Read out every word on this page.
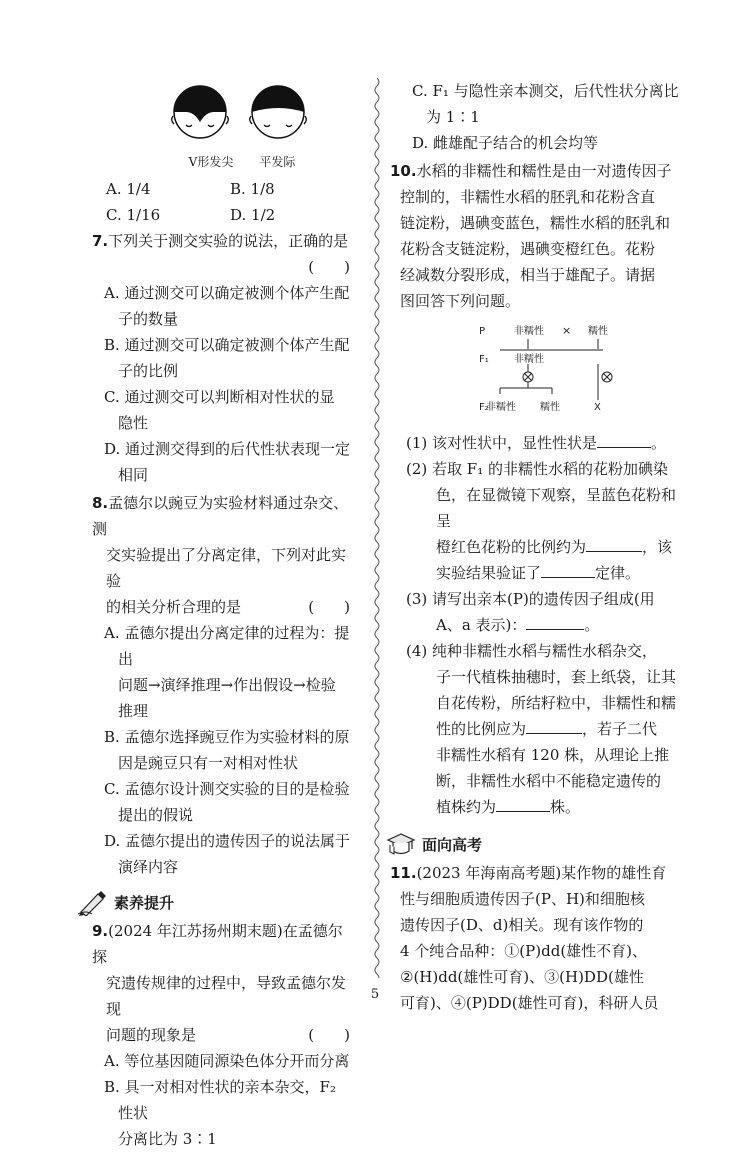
V形发尖 平发际
A. 1/4	B. 1/8
C. 1/16	D. 1/2
7.下列关于测交实验的说法，正确的是
(　　)
A. 通过测交可以确定被测个体产生配
子的数量
B. 通过测交可以确定被测个体产生配
子的比例
C. 通过测交可以判断相对性状的显
隐性
D. 通过测交得到的后代性状表现一定
相同
8.孟德尔以豌豆为实验材料通过杂交、测
交实验提出了分离定律，下列对此实验
的相关分析合理的是	(　　)
A. 孟德尔提出分离定律的过程为：提出
问题→演绎推理→作出假设→检验
推理
B. 孟德尔选择豌豆作为实验材料的原
因是豌豆只有一对相对性状
C. 孟德尔设计测交实验的目的是检验
提出的假说
D. 孟德尔提出的遗传因子的说法属于
演绎内容
素养提升
9.(2024 年江苏扬州期末题)在孟德尔探
究遗传规律的过程中，导致孟德尔发现
问题的现象是	(　　)
A. 等位基因随同源染色体分开而分离
B. 具一对相对性状的亲本杂交，F₂ 性状
分离比为 3∶1
C. F₁ 与隐性亲本测交，后代性状分离比
为 1∶1
D. 雌雄配子结合的机会均等
10.水稻的非糯性和糯性是由一对遗传因子
控制的，非糯性水稻的胚乳和花粉含直
链淀粉，遇碘变蓝色，糯性水稻的胚乳和
花粉含支链淀粉，遇碘变橙红色。花粉
经减数分裂形成，相当于雄配子。请据
图回答下列问题。
P	非糯性 × 糯性
F₁	非糯性
F₂
非糯性 糯性	X
(1) 该对性状中，显性性状是	。
(2) 若取 F₁ 的非糯性水稻的花粉加碘染
色，在显微镜下观察，呈蓝色花粉和呈
橙红色花粉的比例约为	，该
实验结果验证了	定律。
(3) 请写出亲本(P)的遗传因子组成(用
A、a 表示)：	。
(4) 纯种非糯性水稻与糯性水稻杂交，
子一代植株抽穗时，套上纸袋，让其
自花传粉，所结籽粒中，非糯性和糯
性的比例应为	，若子二代
非糯性水稻有 120 株，从理论上推
断，非糯性水稻中不能稳定遗传的
植株约为	株。
面向高考
11.(2023 年海南高考题)某作物的雄性育
性与细胞质遗传因子(P、H)和细胞核
遗传因子(D、d)相关。现有该作物的
4 个纯合品种：①(P)dd(雄性不育)、
②(H)dd(雄性可育)、③(H)DD(雄性
可育)、④(P)DD(雄性可育)，科研人员
5
